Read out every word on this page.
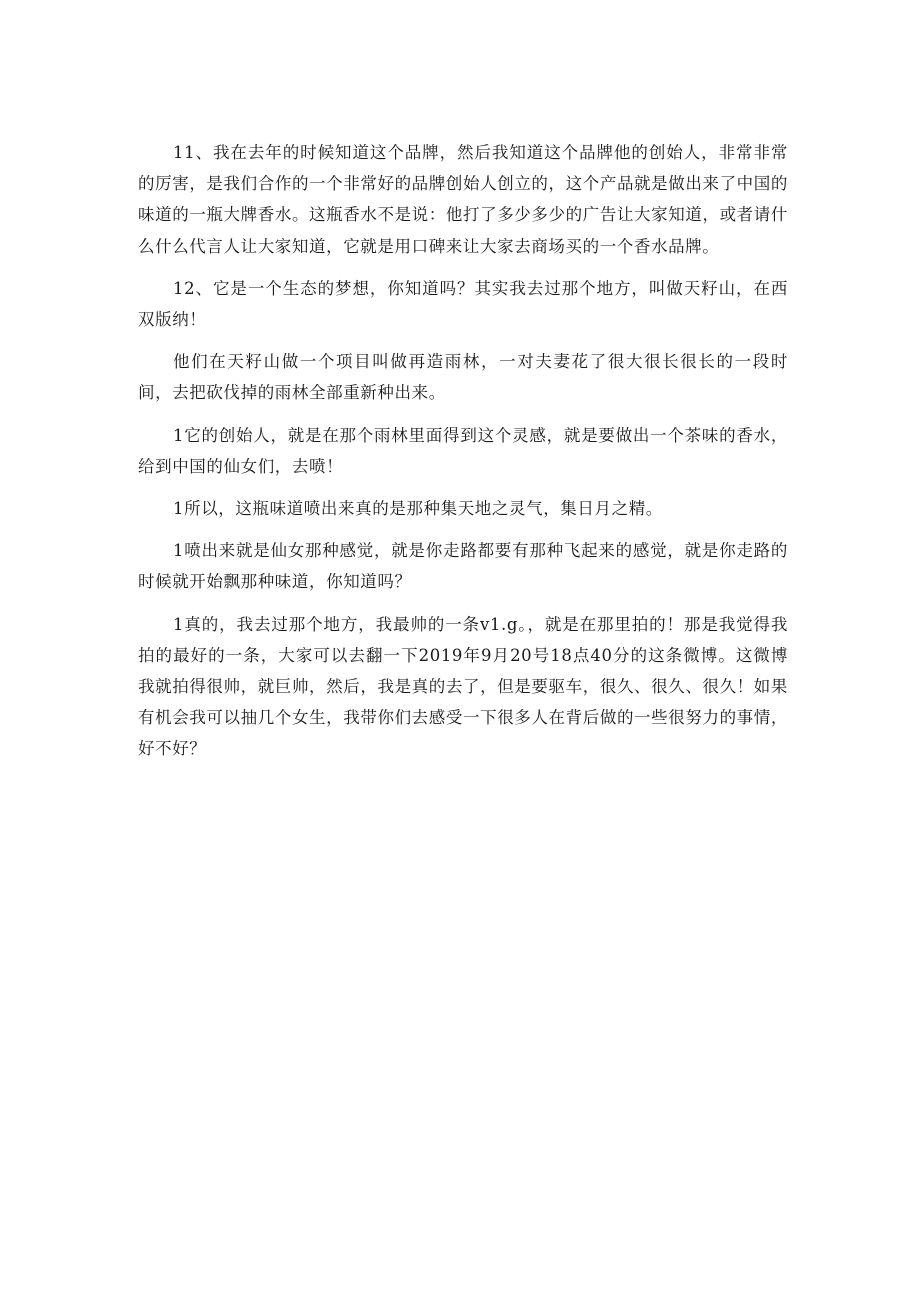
11、我在去年的时候知道这个品牌，然后我知道这个品牌他的创始人，非常非常的厉害，是我们合作的一个非常好的品牌创始人创立的，这个产品就是做出来了中国的味道的一瓶大牌香水。这瓶香水不是说：他打了多少多少的广告让大家知道，或者请什么什么代言人让大家知道，它就是用口碑来让大家去商场买的一个香水品牌。

12、它是一个生态的梦想，你知道吗？其实我去过那个地方，叫做天籽山，在西双版纳！

他们在天籽山做一个项目叫做再造雨林，一对夫妻花了很大很长很长的一段时间，去把砍伐掉的雨林全部重新种出来。

1它的创始人，就是在那个雨林里面得到这个灵感，就是要做出一个茶味的香水，给到中国的仙女们，去喷！

1所以，这瓶味道喷出来真的是那种集天地之灵气，集日月之精。

1喷出来就是仙女那种感觉，就是你走路都要有那种飞起来的感觉，就是你走路的时候就开始飘那种味道，你知道吗？

1真的，我去过那个地方，我最帅的一条v1.g。，就是在那里拍的！那是我觉得我拍的最好的一条，大家可以去翻一下2019年9月20号18点40分的这条微博。这微博我就拍得很帅，就巨帅，然后，我是真的去了，但是要驱车，很久、很久、很久！如果有机会我可以抽几个女生，我带你们去感受一下很多人在背后做的一些很努力的事情，好不好？
